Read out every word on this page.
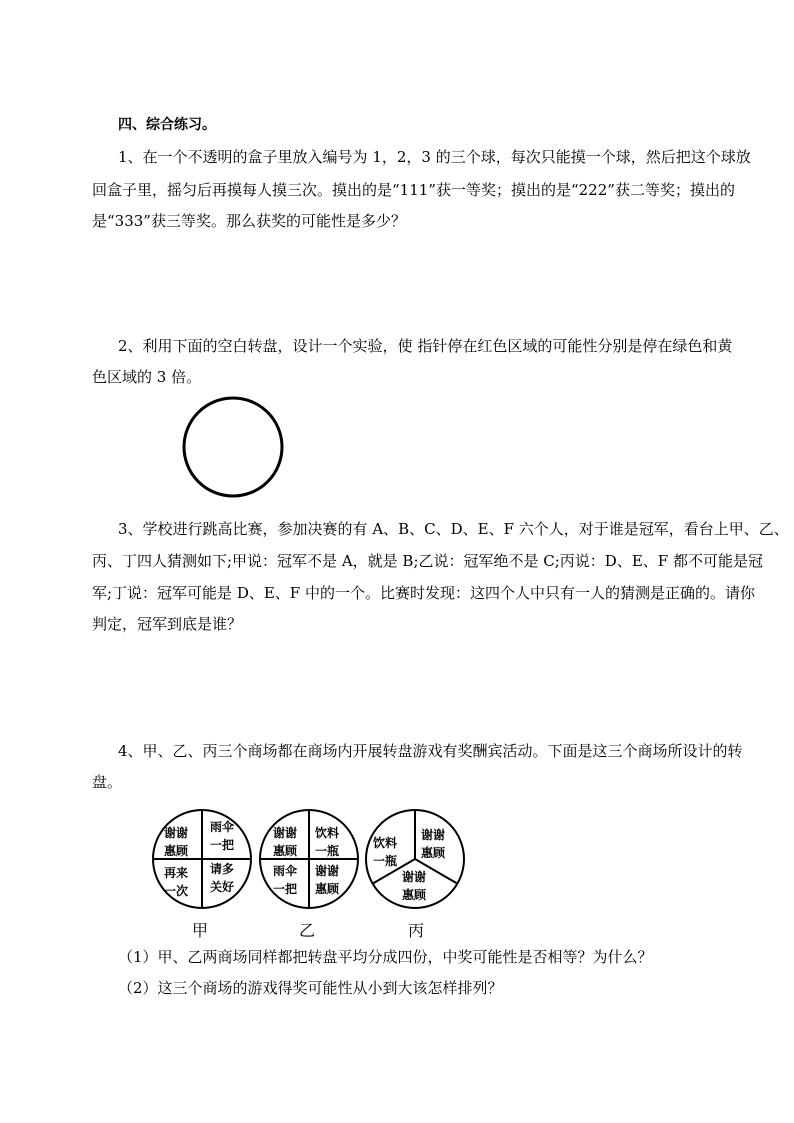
四、综合练习。
1、在一个不透明的盒子里放入编号为 1，2，3 的三个球，每次只能摸一个球，然后把这个球放
回盒子里，摇匀后再摸每人摸三次。摸出的是“111”获一等奖；摸出的是“222”获二等奖；摸出的
是“333”获三等奖。那么获奖的可能性是多少？
2、利用下面的空白转盘，设计一个实验，使 指针停在红色区域的可能性分别是停在绿色和黄
色区域的 3 倍。
3、学校进行跳高比赛，参加决赛的有 A、B、C、D、E、F 六个人，对于谁是冠军，看台上甲、乙、
丙、丁四人猜测如下;甲说：冠军不是 A，就是 B;乙说：冠军绝不是 C;丙说：D、E、F 都不可能是冠
军;丁说：冠军可能是 D、E、F 中的一个。比赛时发现：这四个人中只有一人的猜测是正确的。请你
判定，冠军到底是谁？
4、甲、乙、丙三个商场都在商场内开展转盘游戏有奖酬宾活动。下面是这三个商场所设计的转
盘。
谢谢
惠顾
雨伞
一把
再来
一次
请多
关好
甲
谢谢
惠顾
饮料
一瓶
雨伞
一把
谢谢
惠顾
乙
饮料
一瓶
谢谢
惠顾
谢谢
惠顾
丙
（1）甲、乙两商场同样都把转盘平均分成四份，中奖可能性是否相等？为什么？
（2）这三个商场的游戏得奖可能性从小到大该怎样排列？
